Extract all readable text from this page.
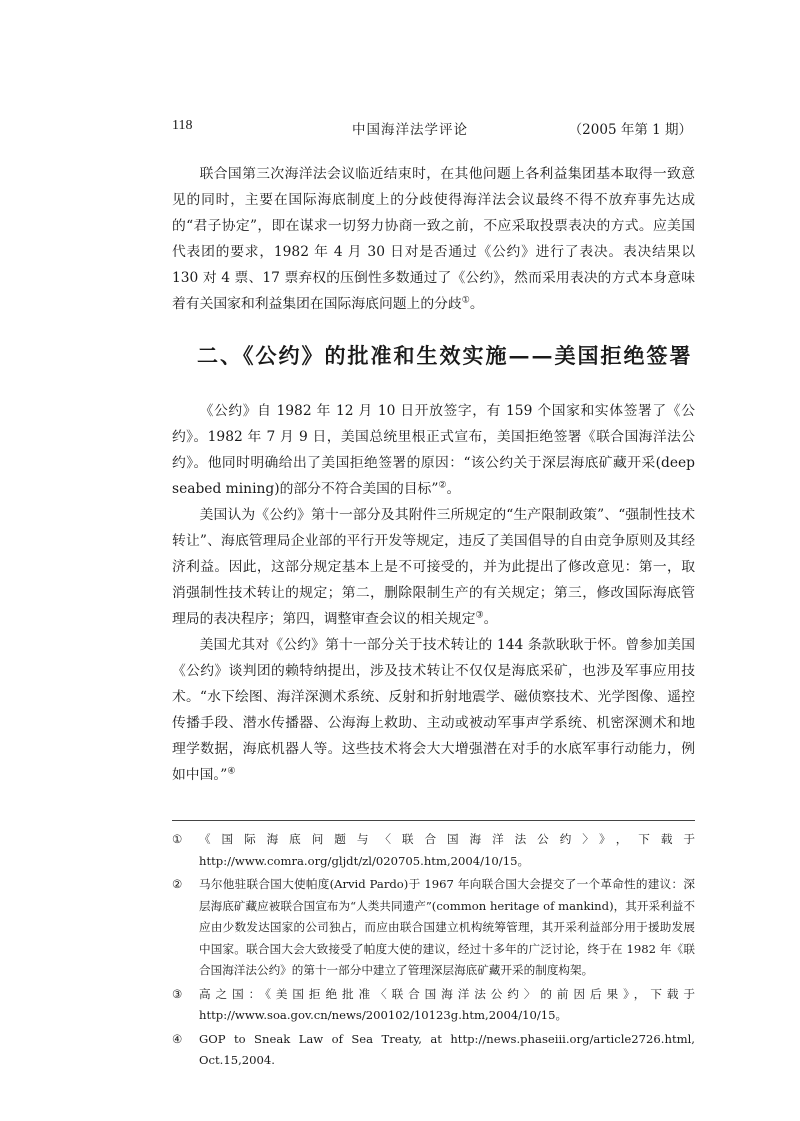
118	中国海洋法学评论	（2005 年第 1 期）

联合国第三次海洋法会议临近结束时，在其他问题上各利益集团基本取得一致意见的同时，主要在国际海底制度上的分歧使得海洋法会议最终不得不放弃事先达成的“君子协定”，即在谋求一切努力协商一致之前，不应采取投票表决的方式。应美国代表团的要求，1982 年 4 月 30 日对是否通过《公约》进行了表决。表决结果以 130 对 4 票、17 票弃权的压倒性多数通过了《公约》，然而采用表决的方式本身意味着有关国家和利益集团在国际海底问题上的分歧①。

二、《公约》的批准和生效实施——美国拒绝签署

《公约》自 1982 年 12 月 10 日开放签字，有 159 个国家和实体签署了《公约》。1982 年 7 月 9 日，美国总统里根正式宣布，美国拒绝签署《联合国海洋法公约》。他同时明确给出了美国拒绝签署的原因：“该公约关于深层海底矿藏开采(deep seabed mining)的部分不符合美国的目标”②。

美国认为《公约》第十一部分及其附件三所规定的“生产限制政策”、“强制性技术转让”、海底管理局企业部的平行开发等规定，违反了美国倡导的自由竞争原则及其经济利益。因此，这部分规定基本上是不可接受的，并为此提出了修改意见：第一，取消强制性技术转让的规定；第二，删除限制生产的有关规定；第三，修改国际海底管理局的表决程序；第四，调整审查会议的相关规定③。

美国尤其对《公约》第十一部分关于技术转让的 144 条款耿耿于怀。曾参加美国《公约》谈判团的赖特纳提出，涉及技术转让不仅仅是海底采矿，也涉及军事应用技术。“水下绘图、海洋深测术系统、反射和折射地震学、磁侦察技术、光学图像、遥控传播手段、潜水传播器、公海海上救助、主动或被动军事声学系统、机密深测术和地理学数据，海底机器人等。这些技术将会大大增强潜在对手的水底军事行动能力，例如中国。”④

① 《国际海底问题与〈联合国海洋法公约〉》，下载于 http://www.comra.org/gljdt/zl/020705.htm,2004/10/15。
② 马尔他驻联合国大使帕度(Arvid Pardo)于 1967 年向联合国大会提交了一个革命性的建议：深层海底矿藏应被联合国宣布为“人类共同遗产”(common heritage of mankind)，其开采利益不应由少数发达国家的公司独占，而应由联合国建立机构统筹管理，其开采利益部分用于援助发展中国家。联合国大会大致接受了帕度大使的建议，经过十多年的广泛讨论，终于在 1982 年《联合国海洋法公约》的第十一部分中建立了管理深层海底矿藏开采的制度构架。
③ 高之国：《美国拒绝批准〈联合国海洋法公约〉的前因后果》，下载于 http://www.soa.gov.cn/news/200102/10123g.htm,2004/10/15。
④ GOP to Sneak Law of Sea Treaty, at http://news.phaseiii.org/article2726.html, Oct.15,2004.
